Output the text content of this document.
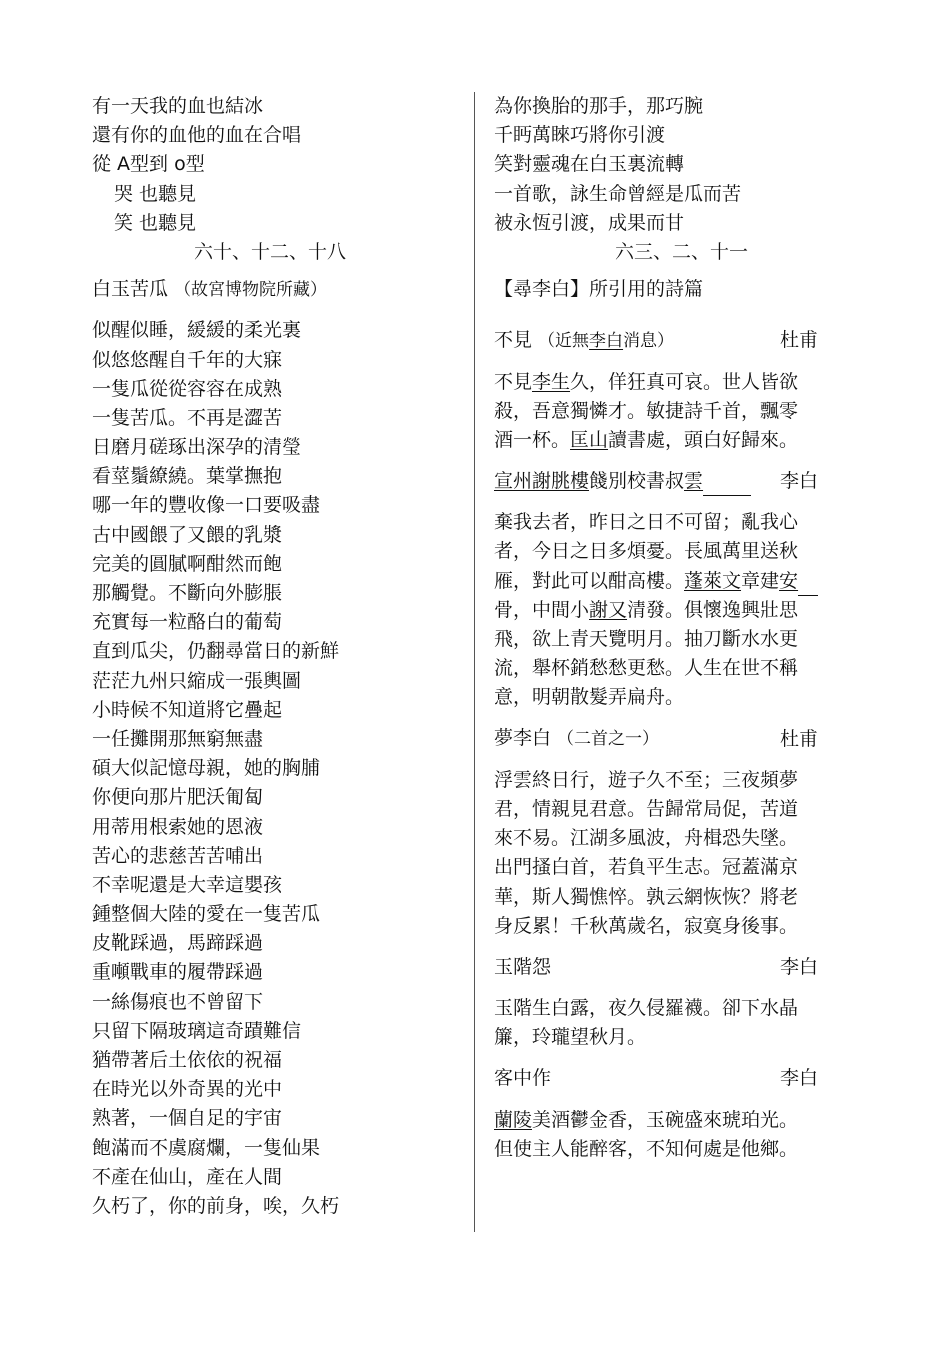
有一天我的血也結冰
還有你的血他的血在合唱
從 A型到 o型
哭 也聽見
笑 也聽見
六十、十二、十八
白玉苦瓜 （故宮博物院所藏）
似醒似睡，緩緩的柔光裏
似悠悠醒自千年的大寐
一隻瓜從從容容在成熟
一隻苦瓜。不再是澀苦
日磨月磋琢出深孕的清瑩
看莖鬚繚繞。葉掌撫抱
哪一年的豐收像一口要吸盡
古中國餵了又餵的乳漿
完美的圓膩啊酣然而飽
那觸覺。不斷向外膨脹
充實每一粒酪白的葡萄
直到瓜尖，仍翻尋當日的新鮮
茫茫九州只縮成一張輿圖
小時候不知道將它疊起
一任攤開那無窮無盡
碩大似記憶母親，她的胸脯
你便向那片肥沃匍匐
用蒂用根索她的恩液
苦心的悲慈苦苦哺出
不幸呢還是大幸這嬰孩
鍾整個大陸的愛在一隻苦瓜
皮靴踩過，馬蹄踩過
重噸戰車的履帶踩過
一絲傷痕也不曾留下
只留下隔玻璃這奇蹟難信
猶帶著后土依依的祝福
在時光以外奇異的光中
熟著，一個自足的宇宙
飽滿而不虞腐爛，一隻仙果
不產在仙山，產在人間
久朽了，你的前身，唉，久朽
為你換胎的那手，那巧腕
千眄萬睞巧將你引渡
笑對靈魂在白玉裏流轉
一首歌，詠生命曾經是瓜而苦
被永恆引渡，成果而甘
六三、二、十一
【尋李白】所引用的詩篇
不見 （近無李白消息）	杜甫
不見李生久，佯狂真可哀。世人皆欲
殺，吾意獨憐才。敏捷詩千首，飄零
酒一杯。匡山讀書處，頭白好歸來。
宣州謝朓樓餞別校書叔雲	李白
棄我去者，昨日之日不可留；亂我心
者，今日之日多煩憂。長風萬里送秋
雁，對此可以酣高樓。蓬萊文章建安
骨，中間小謝又清發。俱懷逸興壯思
飛，欲上青天覽明月。抽刀斷水水更
流，舉杯銷愁愁更愁。人生在世不稱
意，明朝散髮弄扁舟。
夢李白 （二首之一）	杜甫
浮雲終日行，遊子久不至；三夜頻夢
君，情親見君意。告歸常局促，苦道
來不易。江湖多風波，舟楫恐失墜。
出門搔白首，若負平生志。冠蓋滿京
華，斯人獨憔悴。孰云網恢恢？將老
身反累！千秋萬歲名，寂寞身後事。
玉階怨	李白
玉階生白露，夜久侵羅襪。卻下水晶
簾，玲瓏望秋月。
客中作	李白
蘭陵美酒鬱金香，玉碗盛來琥珀光。
但使主人能醉客，不知何處是他鄉。
